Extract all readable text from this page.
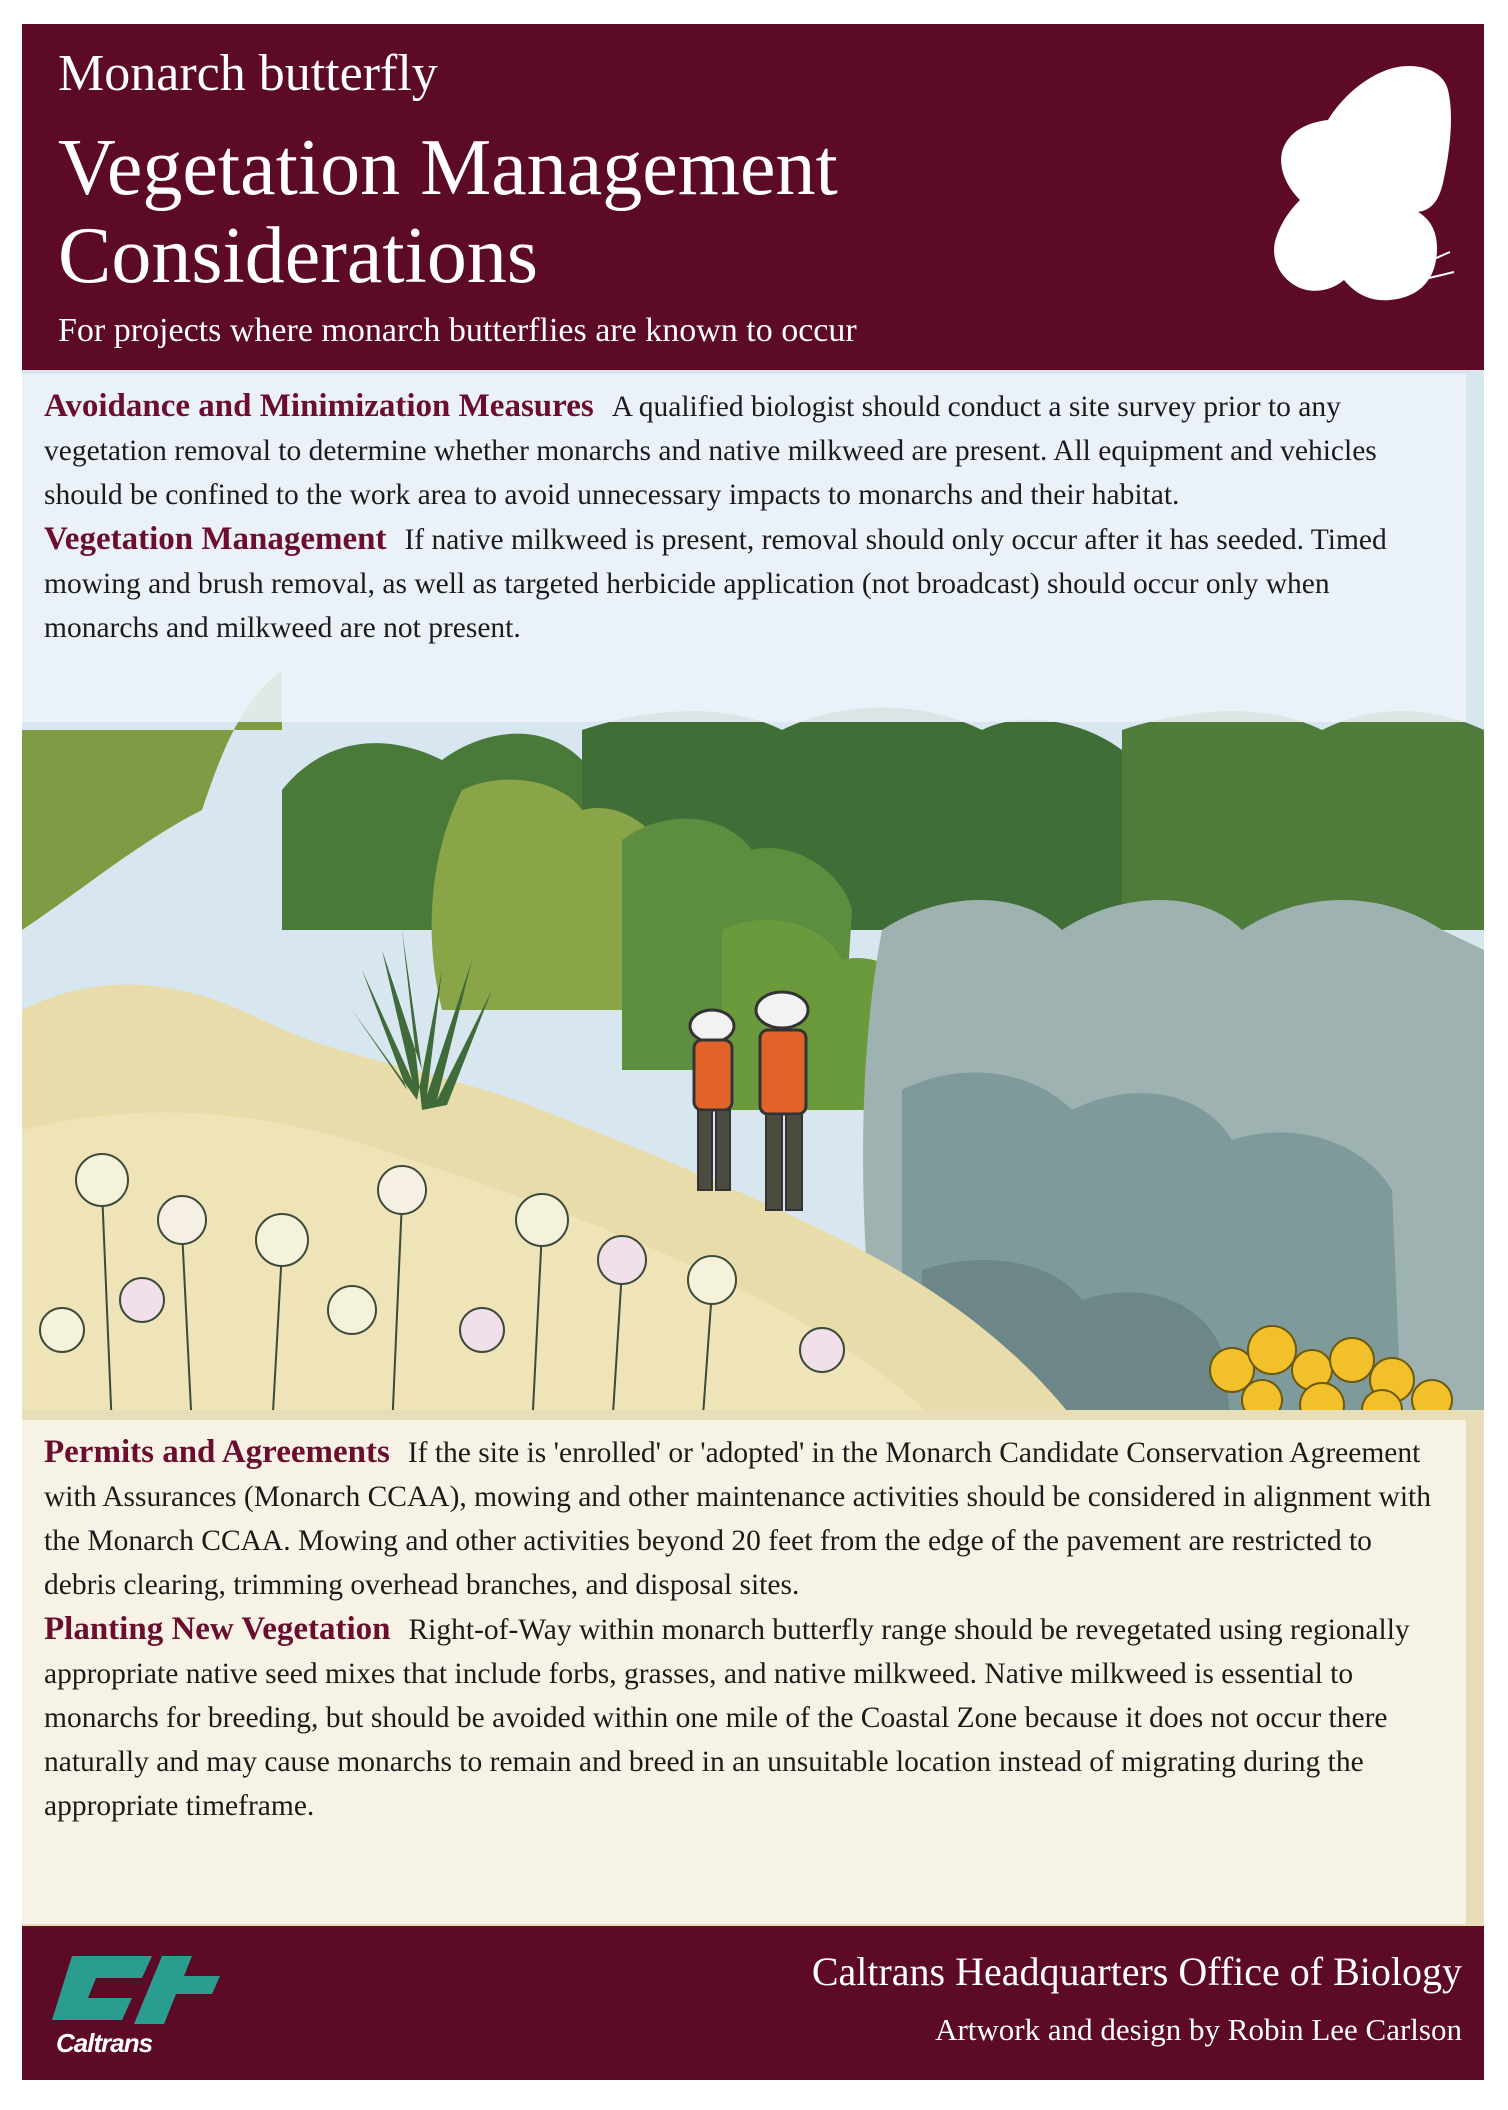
Monarch butterfly
Vegetation Management
Considerations
For projects where monarch butterflies are known to occur

Avoidance and Minimization Measures A qualified biologist should conduct a site survey prior to any vegetation removal to determine whether monarchs and native milkweed are present. All equipment and vehicles should be confined to the work area to avoid unnecessary impacts to monarchs and their habitat.

Vegetation Management If native milkweed is present, removal should only occur after it has seeded. Timed mowing and brush removal, as well as targeted herbicide application (not broadcast) should occur only when monarchs and milkweed are not present.

Permits and Agreements If the site is 'enrolled' or 'adopted' in the Monarch Candidate Conservation Agreement with Assurances (Monarch CCAA), mowing and other maintenance activities should be considered in alignment with the Monarch CCAA. Mowing and other activities beyond 20 feet from the edge of the pavement are restricted to debris clearing, trimming overhead branches, and disposal sites.

Planting New Vegetation Right-of-Way within monarch butterfly range should be revegetated using regionally appropriate native seed mixes that include forbs, grasses, and native milkweed. Native milkweed is essential to monarchs for breeding, but should be avoided within one mile of the Coastal Zone because it does not occur there naturally and may cause monarchs to remain and breed in an unsuitable location instead of migrating during the appropriate timeframe.

Caltrans
Caltrans Headquarters Office of Biology
Artwork and design by Robin Lee Carlson
